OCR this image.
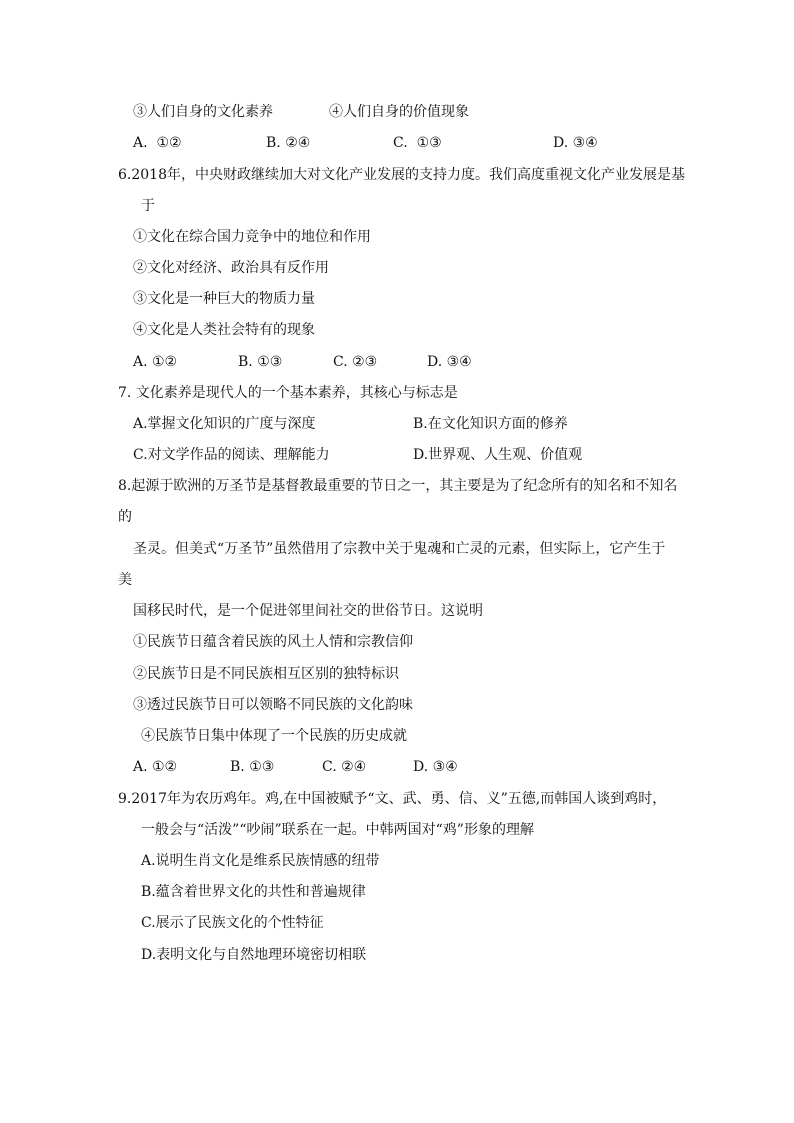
③人们自身的文化素养	④人们自身的价值现象
A.  ①②	B. ②④	C.  ①③	D. ③④
6.2018年，中央财政继续加大对文化产业发展的支持力度。我们高度重视文化产业发展是基
于
①文化在综合国力竞争中的地位和作用
②文化对经济、政治具有反作用
③文化是一种巨大的物质力量
④文化是人类社会特有的现象
A. ①②	B. ①③	C. ②③	D. ③④
7. 文化素养是现代人的一个基本素养，其核心与标志是
A.掌握文化知识的广度与深度	B.在文化知识方面的修养
C.对文学作品的阅读、理解能力	D.世界观、人生观、价值观
8.起源于欧洲的万圣节是基督教最重要的节日之一，其主要是为了纪念所有的知名和不知名
的
圣灵。但美式“万圣节”虽然借用了宗教中关于鬼魂和亡灵的元素，但实际上，它产生于
美
国移民时代，是一个促进邻里间社交的世俗节日。这说明
①民族节日蕴含着民族的风土人情和宗教信仰
②民族节日是不同民族相互区别的独特标识
③透过民族节日可以领略不同民族的文化韵味
④民族节日集中体现了一个民族的历史成就
A. ①②	B. ①③	C. ②④	D. ③④
9.2017年为农历鸡年。鸡,在中国被赋予“文、武、勇、信、义”五德,而韩国人谈到鸡时，
一般会与“活泼”“吵闹”联系在一起。中韩两国对“鸡”形象的理解
A.说明生肖文化是维系民族情感的纽带
B.蕴含着世界文化的共性和普遍规律
C.展示了民族文化的个性特征
D.表明文化与自然地理环境密切相联
